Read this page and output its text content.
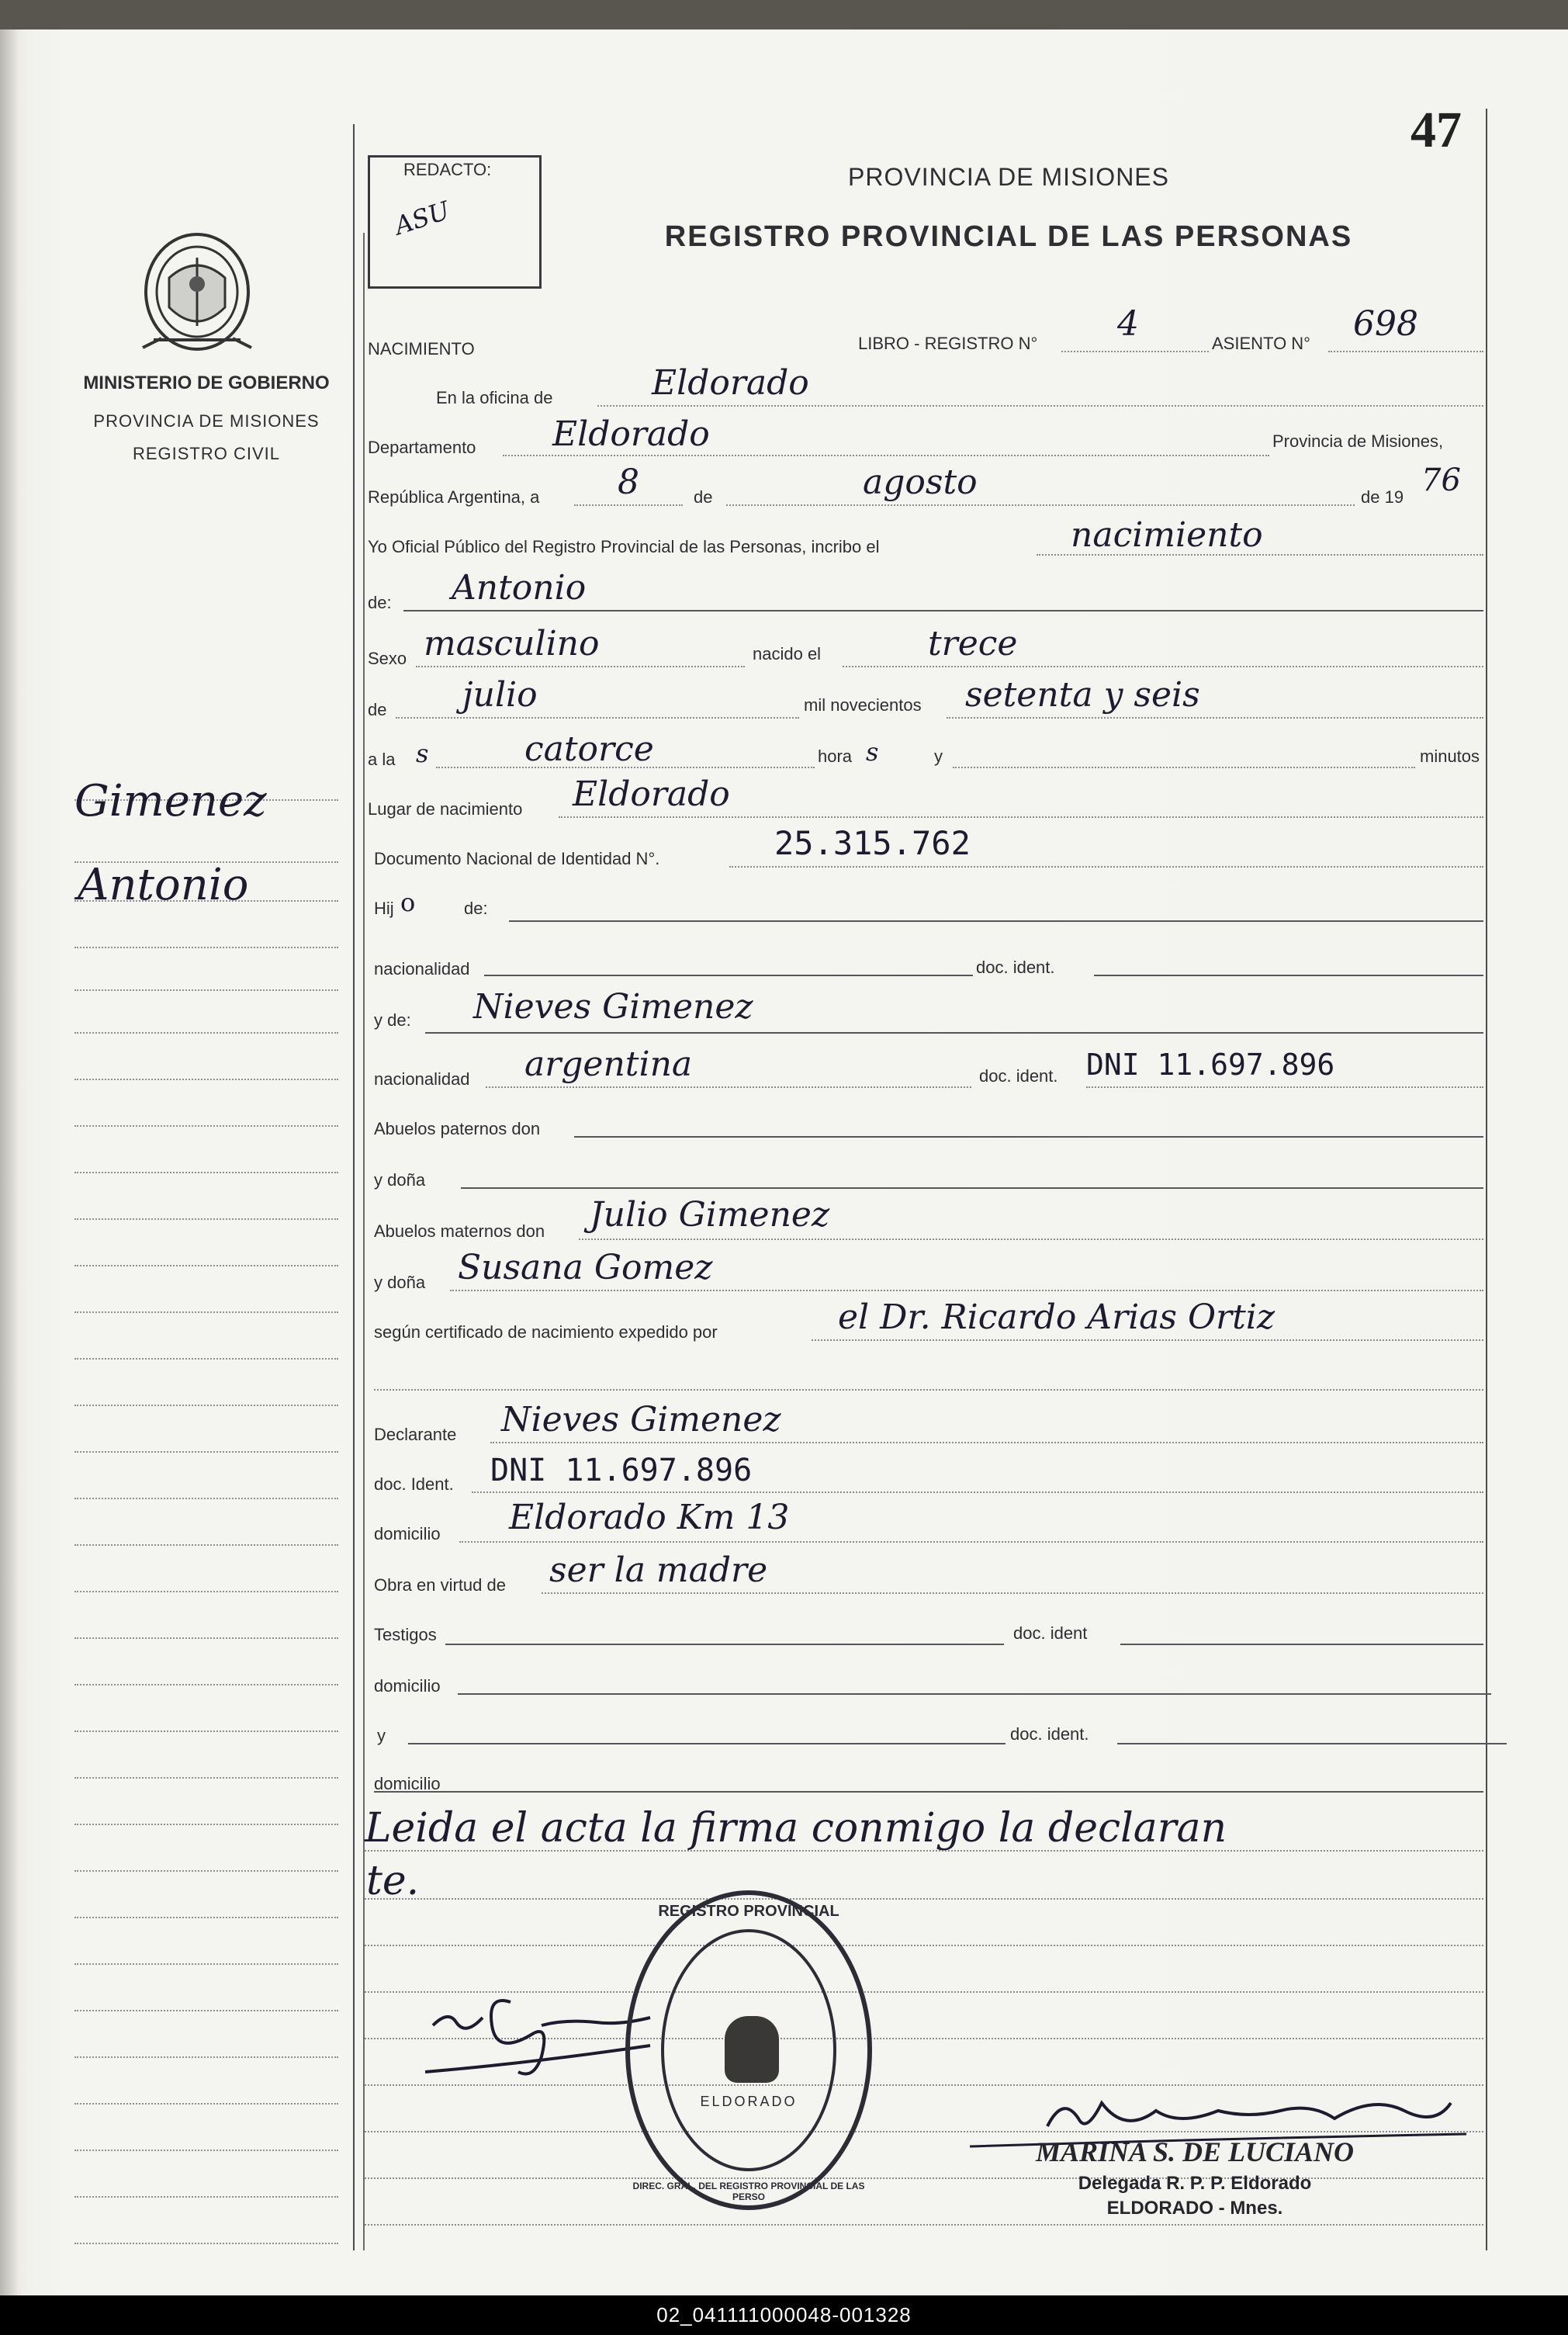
47
REDACTO:
ASU
MINISTERIO DE GOBIERNO
PROVINCIA DE MISIONES
REGISTRO CIVIL
PROVINCIA DE MISIONES
REGISTRO PROVINCIAL DE LAS PERSONAS
Gimenez
Antonio
NACIMIENTO	LIBRO - REGISTRO N° 4	ASIENTO N° 698
En la oficina de	Eldorado
Departamento Eldorado	Provincia de Misiones,
República Argentina, a 8	de	agosto	de 19 76
Yo Oficial Público del Registro Provincial de las Personas, incribo el	nacimiento
de: Antonio
Sexo masculino	nacido el	trece
de julio	mil novecientos setenta y seis
a la s	catorce	hora s	y	minutos
Lugar de nacimiento Eldorado
Documento Nacional de Identidad N°.	25.315.762
Hij o	de:
nacionalidad	doc. ident.
y de: Nieves Gimenez
nacionalidad argentina	doc. ident. DNI 11.697.896
Abuelos paternos don
y doña
Abuelos maternos don Julio Gimenez
y doña Susana Gomez
según certificado de nacimiento expedido por	el Dr. Ricardo Arias Ortiz
Declarante Nieves Gimenez
doc. Ident. DNI 11.697.896
domicilio Eldorado Km 13
Obra en virtud de ser la madre
Testigos	doc. ident
domicilio
y	doc. ident.
domicilio
Leida el acta la firma conmigo la declaran
te.
REGISTRO PROVINCIAL
ELDORADO
DIREC. GRAL. DEL REGISTRO PROVINCIAL DE LAS PERSO
MARINA S. DE LUCIANO
Delegada R. P. P. Eldorado
ELDORADO - Mnes.
02_041111000048-001328
